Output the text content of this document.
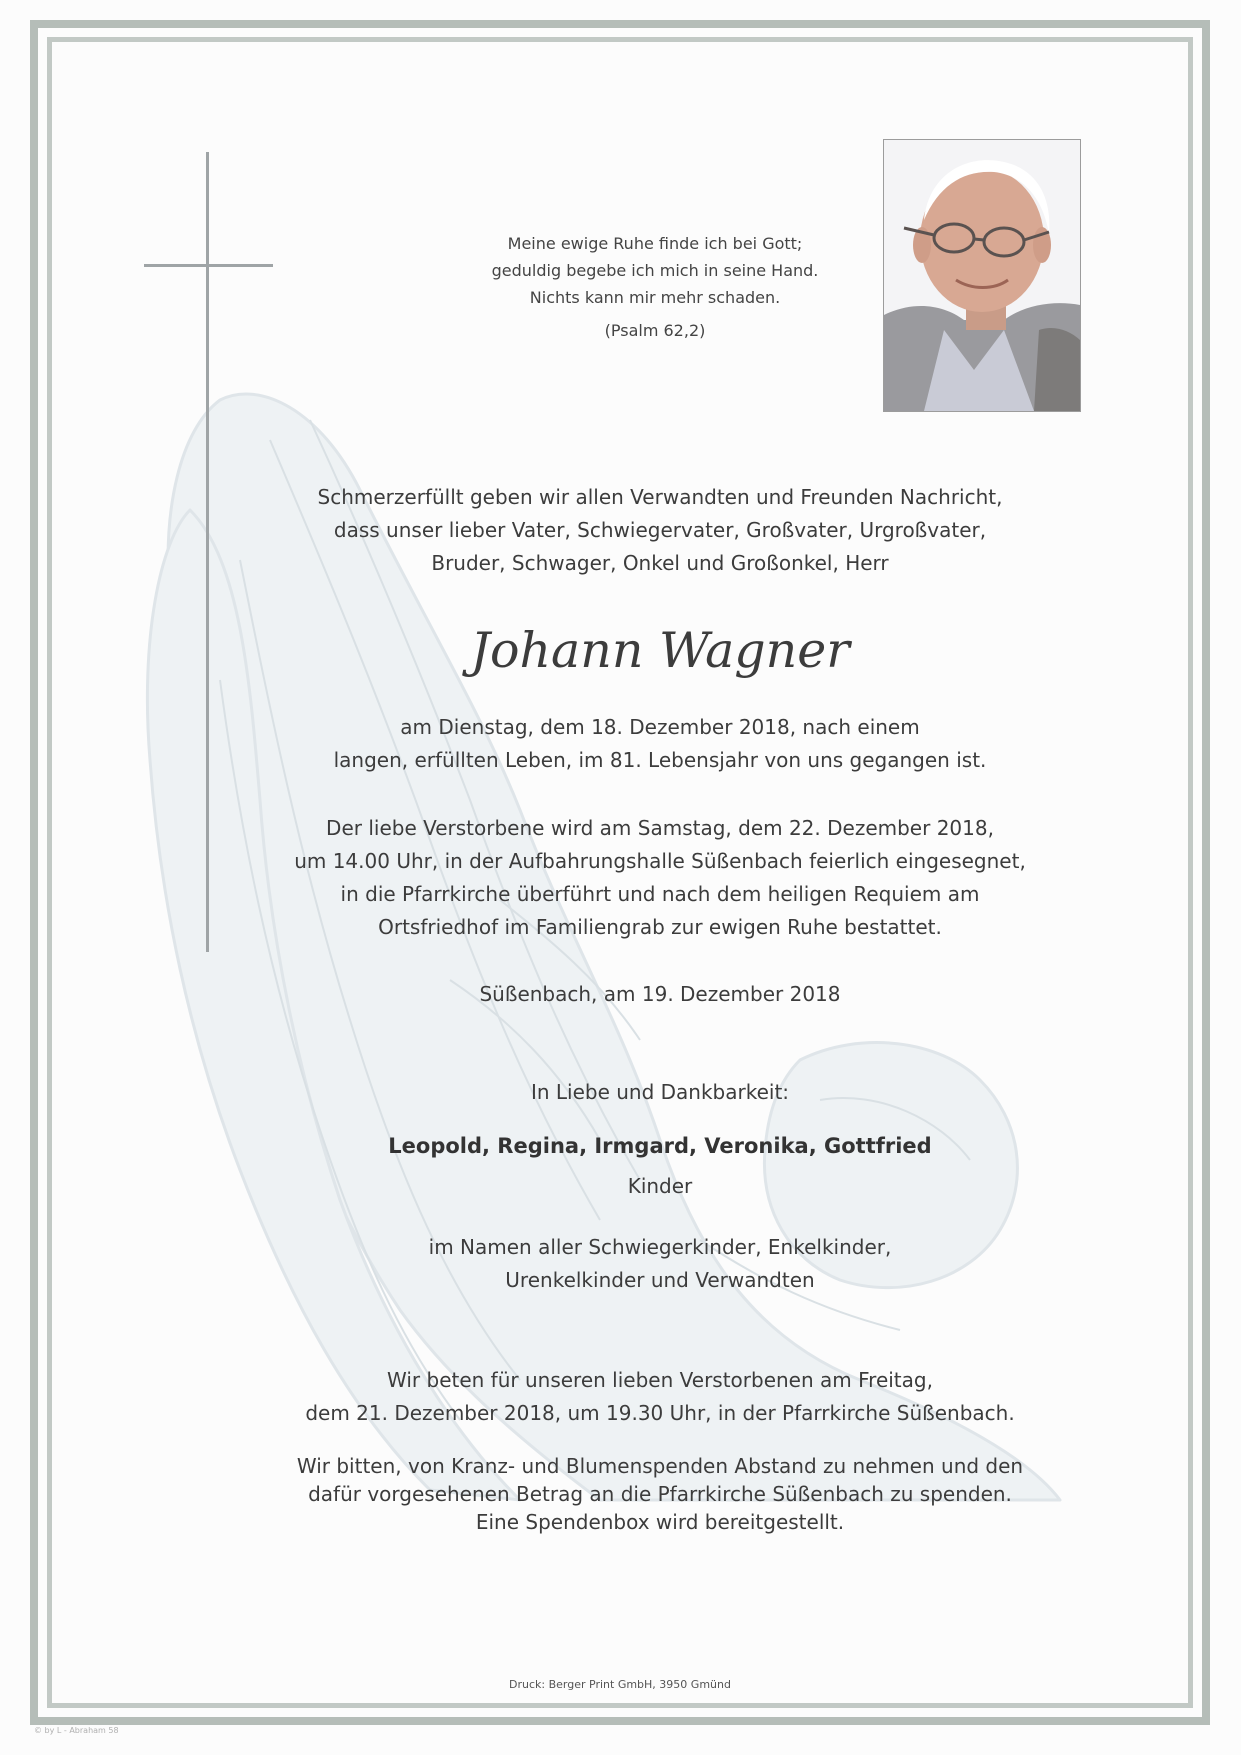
Meine ewige Ruhe finde ich bei Gott;
geduldig begebe ich mich in seine Hand.
Nichts kann mir mehr schaden.
(Psalm 62,2)
Schmerzerfüllt geben wir allen Verwandten und Freunden Nachricht,
dass unser lieber Vater, Schwiegervater, Großvater, Urgroßvater,
Bruder, Schwager, Onkel und Großonkel, Herr
Johann Wagner
am Dienstag, dem 18. Dezember 2018, nach einem
langen, erfüllten Leben, im 81. Lebensjahr von uns gegangen ist.
Der liebe Verstorbene wird am Samstag, dem 22. Dezember 2018,
um 14.00 Uhr, in der Aufbahrungshalle Süßenbach feierlich eingesegnet,
in die Pfarrkirche überführt und nach dem heiligen Requiem am
Ortsfriedhof im Familiengrab zur ewigen Ruhe bestattet.
Süßenbach, am 19. Dezember 2018
In Liebe und Dankbarkeit:
Leopold, Regina, Irmgard, Veronika, Gottfried
Kinder
im Namen aller Schwiegerkinder, Enkelkinder,
Urenkelkinder und Verwandten
Wir beten für unseren lieben Verstorbenen am Freitag,
dem 21. Dezember 2018, um 19.30 Uhr, in der Pfarrkirche Süßenbach.
Wir bitten, von Kranz- und Blumenspenden Abstand zu nehmen und den
dafür vorgesehenen Betrag an die Pfarrkirche Süßenbach zu spenden.
Eine Spendenbox wird bereitgestellt.
Druck: Berger Print GmbH, 3950 Gmünd
© by L - Abraham 58
